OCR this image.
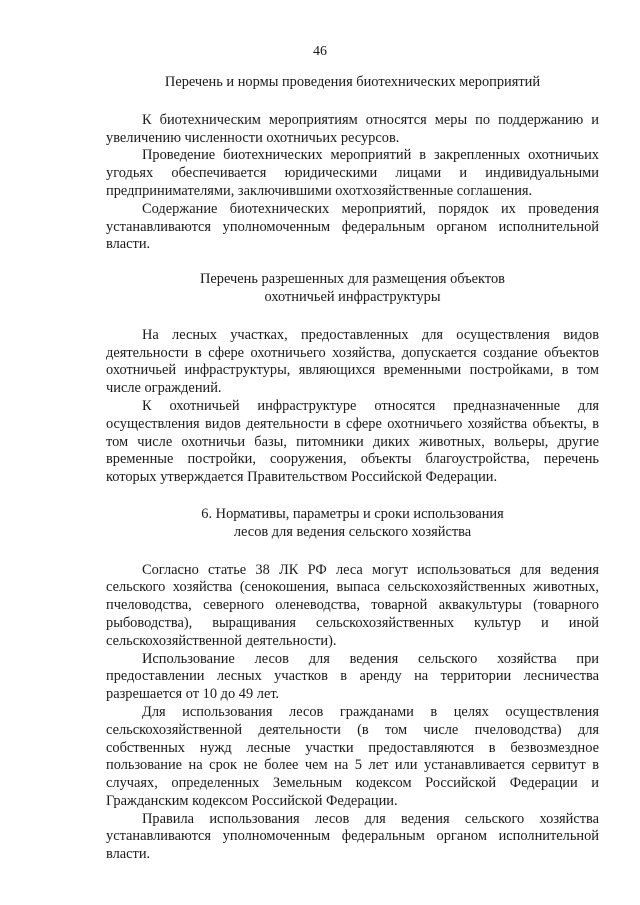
46
Перечень и нормы проведения биотехнических мероприятий

К биотехническим мероприятиям относятся меры по поддержанию и увеличению численности охотничьих ресурсов.

Проведение биотехнических мероприятий в закрепленных охотничьих угодьях обеспечивается юридическими лицами и индивидуальными предпринимателями, заключившими охотхозяйственные соглашения.

Содержание биотехнических мероприятий, порядок их проведения устанавливаются уполномоченным федеральным органом исполнительной власти.

Перечень разрешенных для размещения объектов
охотничьей инфраструктуры

На лесных участках, предоставленных для осуществления видов деятельности в сфере охотничьего хозяйства, допускается создание объектов охотничьей инфраструктуры, являющихся временными постройками, в том числе ограждений.

К охотничьей инфраструктуре относятся предназначенные для осуществления видов деятельности в сфере охотничьего хозяйства объекты, в том числе охотничьи базы, питомники диких животных, вольеры, другие временные постройки, сооружения, объекты благоустройства, перечень которых утверждается Правительством Российской Федерации.

6. Нормативы, параметры и сроки использования
лесов для ведения сельского хозяйства

Согласно статье 38 ЛК РФ леса могут использоваться для ведения сельского хозяйства (сенокошения, выпаса сельскохозяйственных животных, пчеловодства, северного оленеводства, товарной аквакультуры (товарного рыбоводства), выращивания сельскохозяйственных культур и иной сельскохозяйственной деятельности).

Использование лесов для ведения сельского хозяйства при предоставлении лесных участков в аренду на территории лесничества разрешается от 10 до 49 лет.

Для использования лесов гражданами в целях осуществления сельскохозяйственной деятельности (в том числе пчеловодства) для собственных нужд лесные участки предоставляются в безвозмездное пользование на срок не более чем на 5 лет или устанавливается сервитут в случаях, определенных Земельным кодексом Российской Федерации и Гражданским кодексом Российской Федерации.

Правила использования лесов для ведения сельского хозяйства устанавливаются уполномоченным федеральным органом исполнительной власти.
